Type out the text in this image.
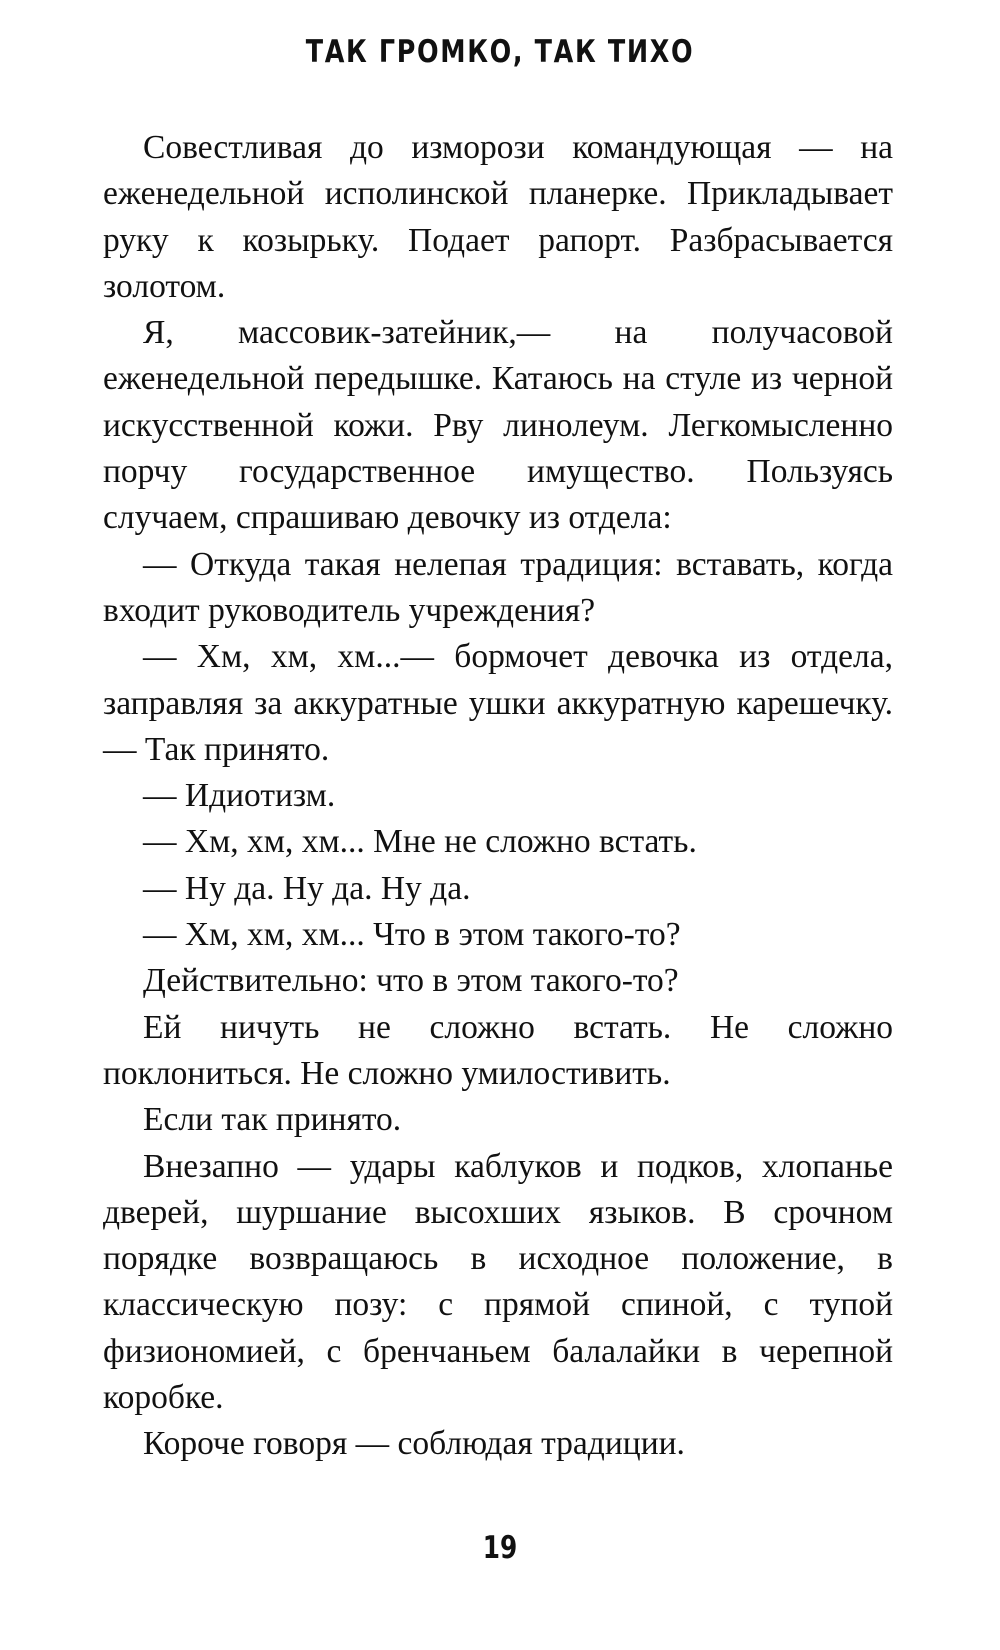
ТАК ГРОМКО, ТАК ТИХО

Совестливая до изморози командующая — на еженедельной исполинской планерке. Прикладывает руку к козырьку. Подает рапорт. Разбрасывается золотом.

Я, массовик-затейник,— на получасовой еженедельной передышке. Катаюсь на стуле из черной искусственной кожи. Рву линолеум. Легкомысленно порчу государственное имущество. Пользуясь случаем, спрашиваю девочку из отдела:

— Откуда такая нелепая традиция: вставать, когда входит руководитель учреждения?

— Хм, хм, хм...— бормочет девочка из отдела, заправляя за аккуратные ушки аккуратную карешечку.— Так принято.

— Идиотизм.

— Хм, хм, хм... Мне не сложно встать.

— Ну да. Ну да. Ну да.

— Хм, хм, хм... Что в этом такого-то?

Действительно: что в этом такого-то?

Ей ничуть не сложно встать. Не сложно поклониться. Не сложно умилостивить.

Если так принято.

Внезапно — удары каблуков и подков, хлопанье дверей, шуршание высохших языков. В срочном порядке возвращаюсь в исходное положение, в классическую позу: с прямой спиной, с тупой физиономией, с бренчаньем балалайки в черепной коробке.

Короче говоря — соблюдая традиции.

19
